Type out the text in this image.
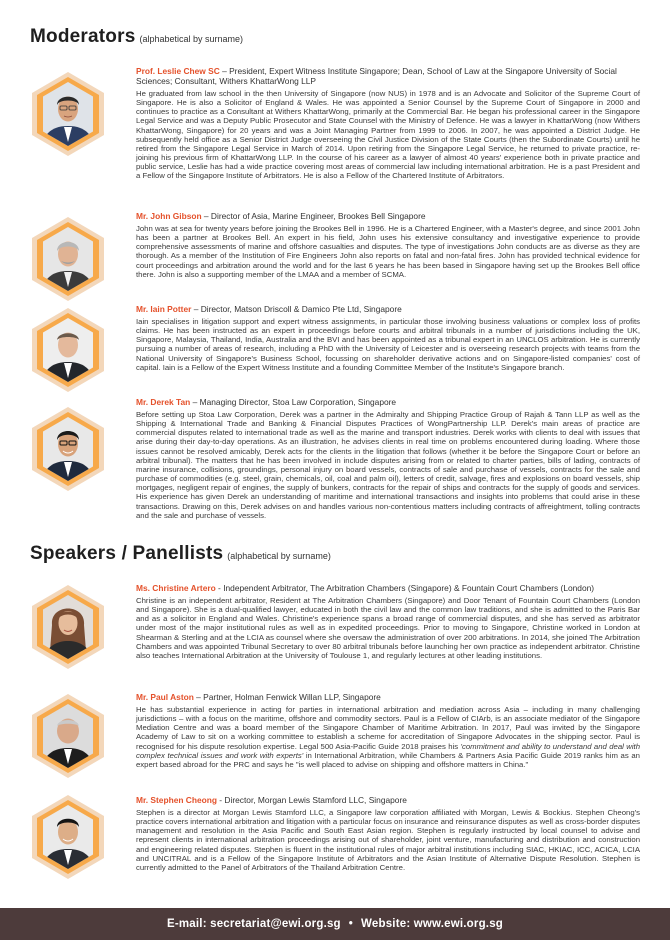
Moderators (alphabetical by surname)

Prof. Leslie Chew SC – President, Expert Witness Institute Singapore; Dean, School of Law at the Singapore University of Social Sciences; Consultant, Withers KhattarWong LLP

He graduated from law school in the then University of Singapore (now NUS) in 1978 and is an Advocate and Solicitor of the Supreme Court of Singapore. He is also a Solicitor of England & Wales. He was appointed a Senior Counsel by the Supreme Court of Singapore in 2000 and continues to practice as a Consultant at Withers KhattarWong, primarily at the Commercial Bar. He began his professional career in the Singapore Legal Service and was a Deputy Public Prosecutor and State Counsel with the Ministry of Defence. He was a lawyer in KhattarWong (now Withers KhattarWong, Singapore) for 20 years and was a Joint Managing Partner from 1999 to 2006. In 2007, he was appointed a District Judge. He subsequently held office as a Senior District Judge overseeing the Civil Justice Division of the State Courts (then the Subordinate Courts) until he retired from the Singapore Legal Service in March of 2014. Upon retiring from the Singapore Legal Service, he returned to private practice, re-joining his previous firm of KhattarWong LLP. In the course of his career as a lawyer of almost 40 years' experience both in private practice and public service, Leslie has had a wide practice covering most areas of commercial law including international arbitration. He is a past President and a Fellow of the Singapore Institute of Arbitrators. He is also a Fellow of the Chartered Institute of Arbitrators.

Mr. John Gibson – Director of Asia, Marine Engineer, Brookes Bell Singapore

John was at sea for twenty years before joining the Brookes Bell in 1996. He is a Chartered Engineer, with a Master's degree, and since 2001 John has been a partner at Brookes Bell. An expert in his field, John uses his extensive consultancy and investigative experience to provide comprehensive assessments of marine and offshore casualties and disputes. The type of investigations John conducts are as diverse as they are thorough. As a member of the Institution of Fire Engineers John also reports on fatal and non-fatal fires. John has provided technical evidence for court proceedings and arbitration around the world and for the last 6 years he has been based in Singapore having set up the Brookes Bell office there. John is also a supporting member of the LMAA and a member of SCMA.

Mr. Iain Potter – Director, Matson Driscoll & Damico Pte Ltd, Singapore

Iain specialises in litigation support and expert witness assignments, in particular those involving business valuations or complex loss of profits claims. He has been instructed as an expert in proceedings before courts and arbitral tribunals in a number of jurisdictions including the UK, Singapore, Malaysia, Thailand, India, Australia and the BVI and has been appointed as a tribunal expert in an UNCLOS arbitration. He is currently pursuing a number of areas of research, including a PhD with the University of Leicester and is overseeing research projects with teams from the National University of Singapore's Business School, focussing on shareholder derivative actions and on Singapore-listed companies' cost of capital. Iain is a Fellow of the Expert Witness Institute and a founding Committee Member of the Institute's Singapore branch.

Mr. Derek Tan – Managing Director, Stoa Law Corporation, Singapore

Before setting up Stoa Law Corporation, Derek was a partner in the Admiralty and Shipping Practice Group of Rajah & Tann LLP as well as the Shipping & International Trade and Banking & Financial Disputes Practices of WongPartnership LLP. Derek's main areas of practice are commercial disputes related to international trade as well as the marine and transport industries. Derek works with clients to deal with issues that arise during their day-to-day operations. As an illustration, he advises clients in real time on problems encountered during loading. Where those issues cannot be resolved amicably, Derek acts for the clients in the litigation that follows (whether it be before the Singapore Court or before an arbitral tribunal). The matters that he has been involved in include disputes arising from or related to charter parties, bills of lading, contracts of marine insurance, collisions, groundings, personal injury on board vessels, contracts of sale and purchase of vessels, contracts for the sale and purchase of commodities (e.g. steel, grain, chemicals, oil, coal and palm oil), letters of credit, salvage, fires and explosions on board vessels, ship mortgages, negligent repair of engines, the supply of bunkers, contracts for the repair of ships and contracts for the supply of goods and services. His experience has given Derek an understanding of maritime and international transactions and insights into problems that could arise in these transactions. Drawing on this, Derek advises on and handles various non-contentious matters including contracts of affreightment, tolling contracts and the sale and purchase of vessels.

Speakers / Panellists (alphabetical by surname)

Ms. Christine Artero - Independent Arbitrator, The Arbitration Chambers (Singapore) & Fountain Court Chambers (London)

Christine is an independent arbitrator, Resident at The Arbitration Chambers (Singapore) and Door Tenant of Fountain Court Chambers (London and Singapore). She is a dual-qualified lawyer, educated in both the civil law and the common law traditions, and she is admitted to the Paris Bar and as a solicitor in England and Wales. Christine's experience spans a broad range of commercial disputes, and she has served as arbitrator under most of the major institutional rules as well as in expedited proceedings. Prior to moving to Singapore, Christine worked in London at Shearman & Sterling and at the LCIA as counsel where she oversaw the administration of over 200 arbitrations. In 2014, she joined The Arbitration Chambers and was appointed Tribunal Secretary to over 80 arbitral tribunals before launching her own practice as independent arbitrator. Christine also teaches International Arbitration at the University of Toulouse 1, and regularly lectures at other leading institutions.

Mr. Paul Aston – Partner, Holman Fenwick Willan LLP, Singapore

He has substantial experience in acting for parties in international arbitration and mediation across Asia – including in many challenging jurisdictions – with a focus on the maritime, offshore and commodity sectors. Paul is a Fellow of CIArb, is an associate mediator of the Singapore Mediation Centre and was a board member of the Singapore Chamber of Maritime Arbitration. In 2017, Paul was invited by the Singapore Academy of Law to sit on a working committee to establish a scheme for accreditation of Singapore Advocates in the shipping sector. Paul is recognised for his dispute resolution expertise. Legal 500 Asia-Pacific Guide 2018 praises his 'commitment and ability to understand and deal with complex technical issues and work with experts' in International Arbitration, while Chambers & Partners Asia Pacific Guide 2019 ranks him as an expert based abroad for the PRC and says he "is well placed to advise on shipping and offshore matters in China."

Mr. Stephen Cheong - Director, Morgan Lewis Stamford LLC, Singapore

Stephen is a director at Morgan Lewis Stamford LLC, a Singapore law corporation affiliated with Morgan, Lewis & Bockius. Stephen Cheong's practice covers international arbitration and litigation with a particular focus on insurance and reinsurance disputes as well as cross-border disputes management and resolution in the Asia Pacific and South East Asian region. Stephen is regularly instructed by local counsel to advise and represent clients in international arbitration proceedings arising out of shareholder, joint venture, manufacturing and distribution and construction and engineering related disputes. Stephen is fluent in the institutional rules of major arbitral institutions including SIAC, HKIAC, ICC, ACICA, LCIA and UNCITRAL and is a Fellow of the Singapore Institute of Arbitrators and the Asian Institute of Alternative Dispute Resolution. Stephen is currently admitted to the Panel of Arbitrators of the Thailand Arbitration Centre.

E-mail: secretariat@ewi.org.sg • Website: www.ewi.org.sg
